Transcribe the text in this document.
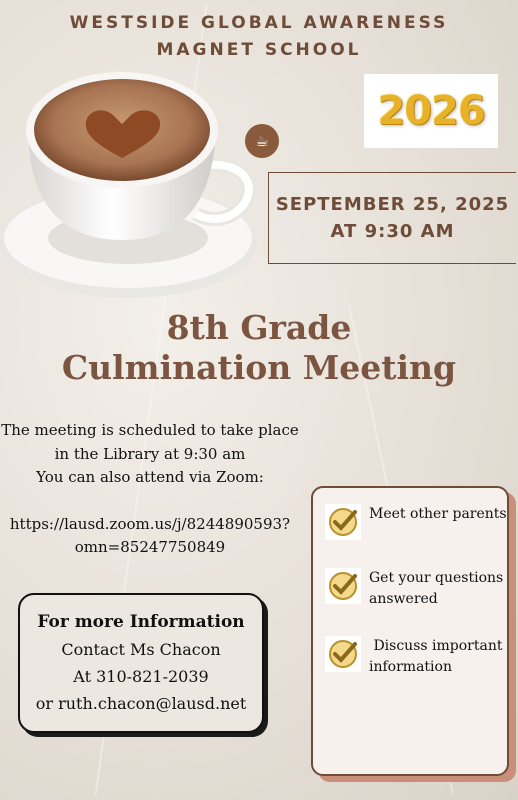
WESTSIDE GLOBAL AWARENESS
MAGNET SCHOOL
☕
2026
SEPTEMBER 25, 2025
AT 9:30 AM
8th Grade
Culmination Meeting
The meeting is scheduled to take place
in the Library at 9:30 am
You can also attend via Zoom:
https://lausd.zoom.us/j/8244890593?
omn=85247750849
For more Information
Contact Ms Chacon
At 310-821-2039
or ruth.chacon@lausd.net
Meet other parents
Get your questions
answered
Discuss important
information
